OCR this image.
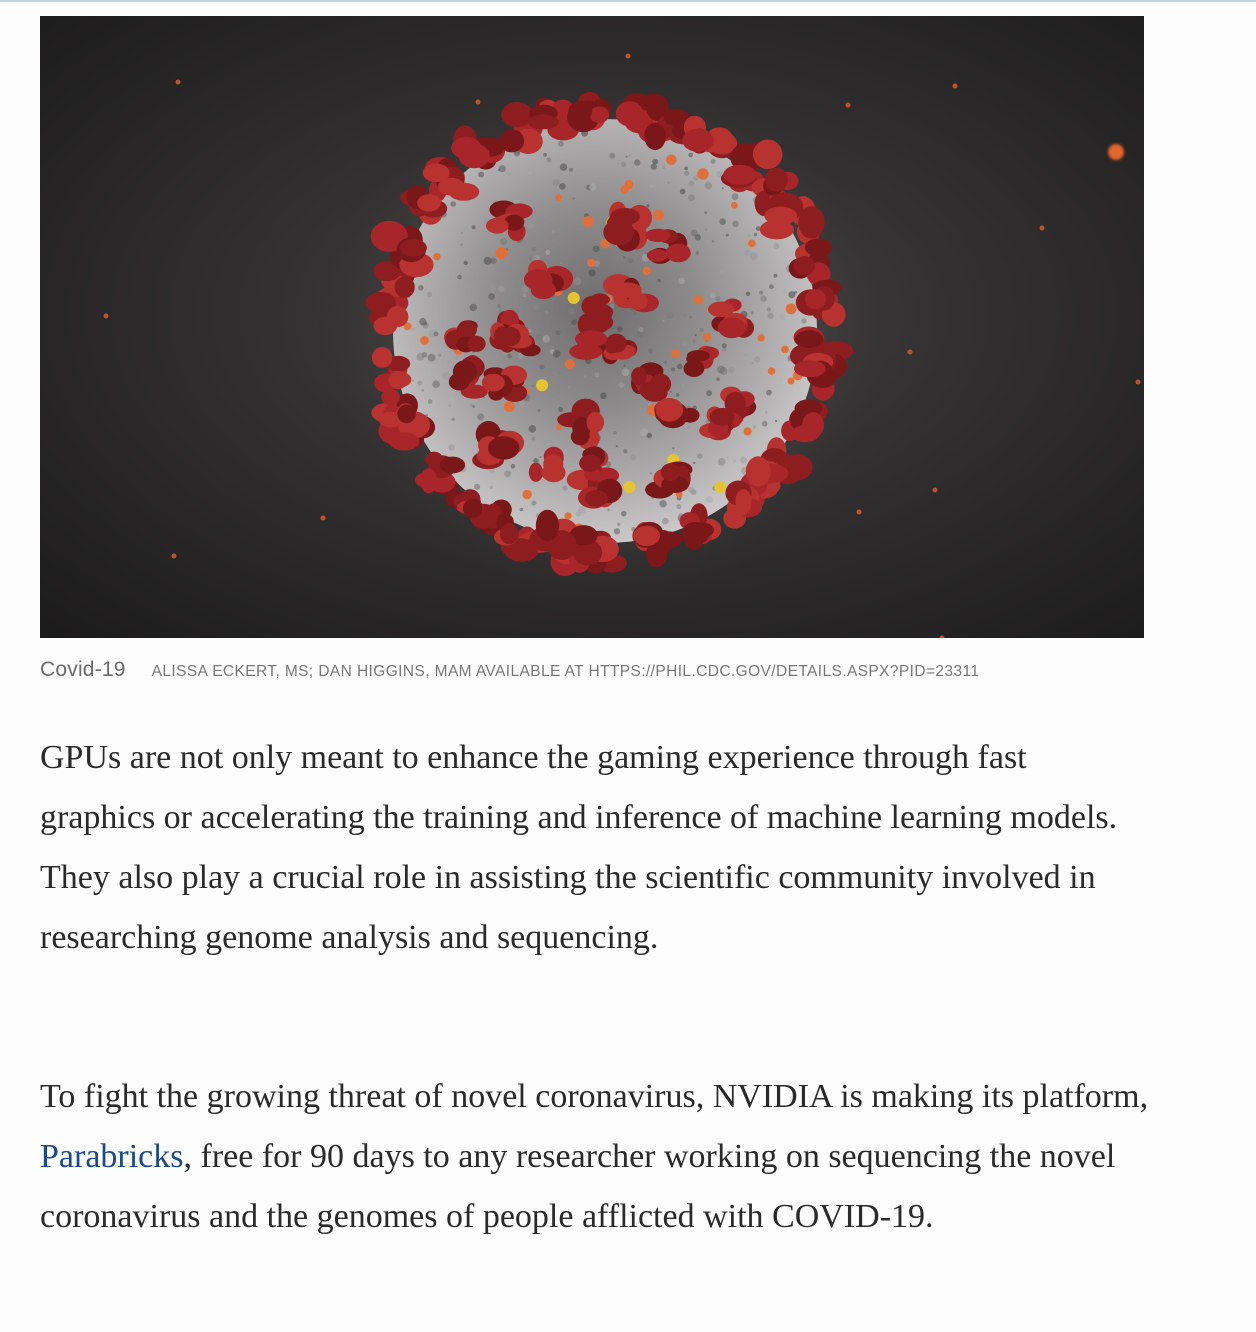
Covid-19 ALISSA ECKERT, MS; DAN HIGGINS, MAM AVAILABLE AT HTTPS://PHIL.CDC.GOV/DETAILS.ASPX?PID=23311

GPUs are not only meant to enhance the gaming experience through fast graphics or accelerating the training and inference of machine learning models. They also play a crucial role in assisting the scientific community involved in researching genome analysis and sequencing.

To fight the growing threat of novel coronavirus, NVIDIA is making its platform, Parabricks, free for 90 days to any researcher working on sequencing the novel coronavirus and the genomes of people afflicted with COVID-19.
